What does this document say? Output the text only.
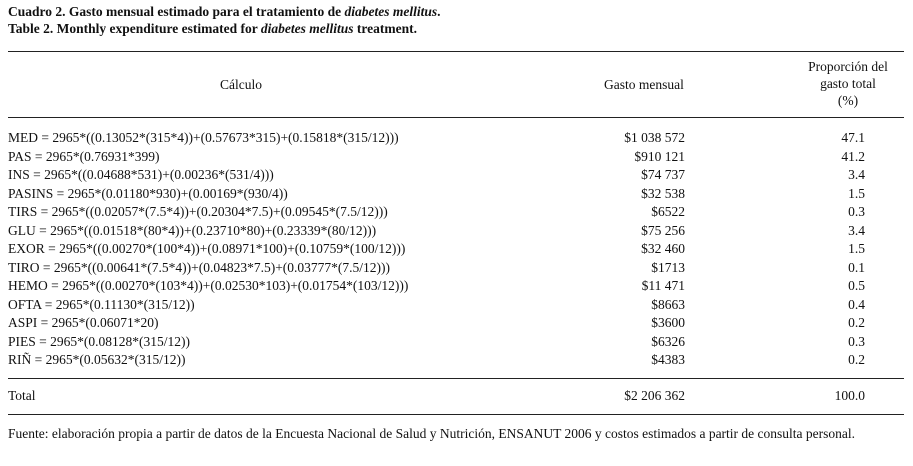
Cuadro 2. Gasto mensual estimado para el tratamiento de diabetes mellitus.
Table 2. Monthly expenditure estimated for diabetes mellitus treatment.
Cálculo	Gasto mensual
Proporción del
gasto total
(%)
MED = 2965*((0.13052*(315*4))+(0.57673*315)+(0.15818*(315/12)))	$1 038 572	47.1
PAS = 2965*(0.76931*399)	$910 121	41.2
INS = 2965*((0.04688*531)+(0.00236*(531/4)))	$74 737	3.4
PASINS = 2965*(0.01180*930)+(0.00169*(930/4))	$32 538	1.5
TIRS = 2965*((0.02057*(7.5*4))+(0.20304*7.5)+(0.09545*(7.5/12)))	$6522	0.3
GLU = 2965*((0.01518*(80*4))+(0.23710*80)+(0.23339*(80/12)))	$75 256	3.4
EXOR = 2965*((0.00270*(100*4))+(0.08971*100)+(0.10759*(100/12)))	$32 460	1.5
TIRO = 2965*((0.00641*(7.5*4))+(0.04823*7.5)+(0.03777*(7.5/12)))	$1713	0.1
HEMO = 2965*((0.00270*(103*4))+(0.02530*103)+(0.01754*(103/12)))	$11 471	0.5
OFTA = 2965*(0.11130*(315/12))	$8663	0.4
ASPI = 2965*(0.06071*20)	$3600	0.2
PIES = 2965*(0.08128*(315/12))	$6326	0.3
RIÑ = 2965*(0.05632*(315/12))	$4383	0.2
Total	$2 206 362	100.0
Fuente: elaboración propia a partir de datos de la Encuesta Nacional de Salud y Nutrición, ENSANUT 2006 y costos estimados a partir de consulta personal.
